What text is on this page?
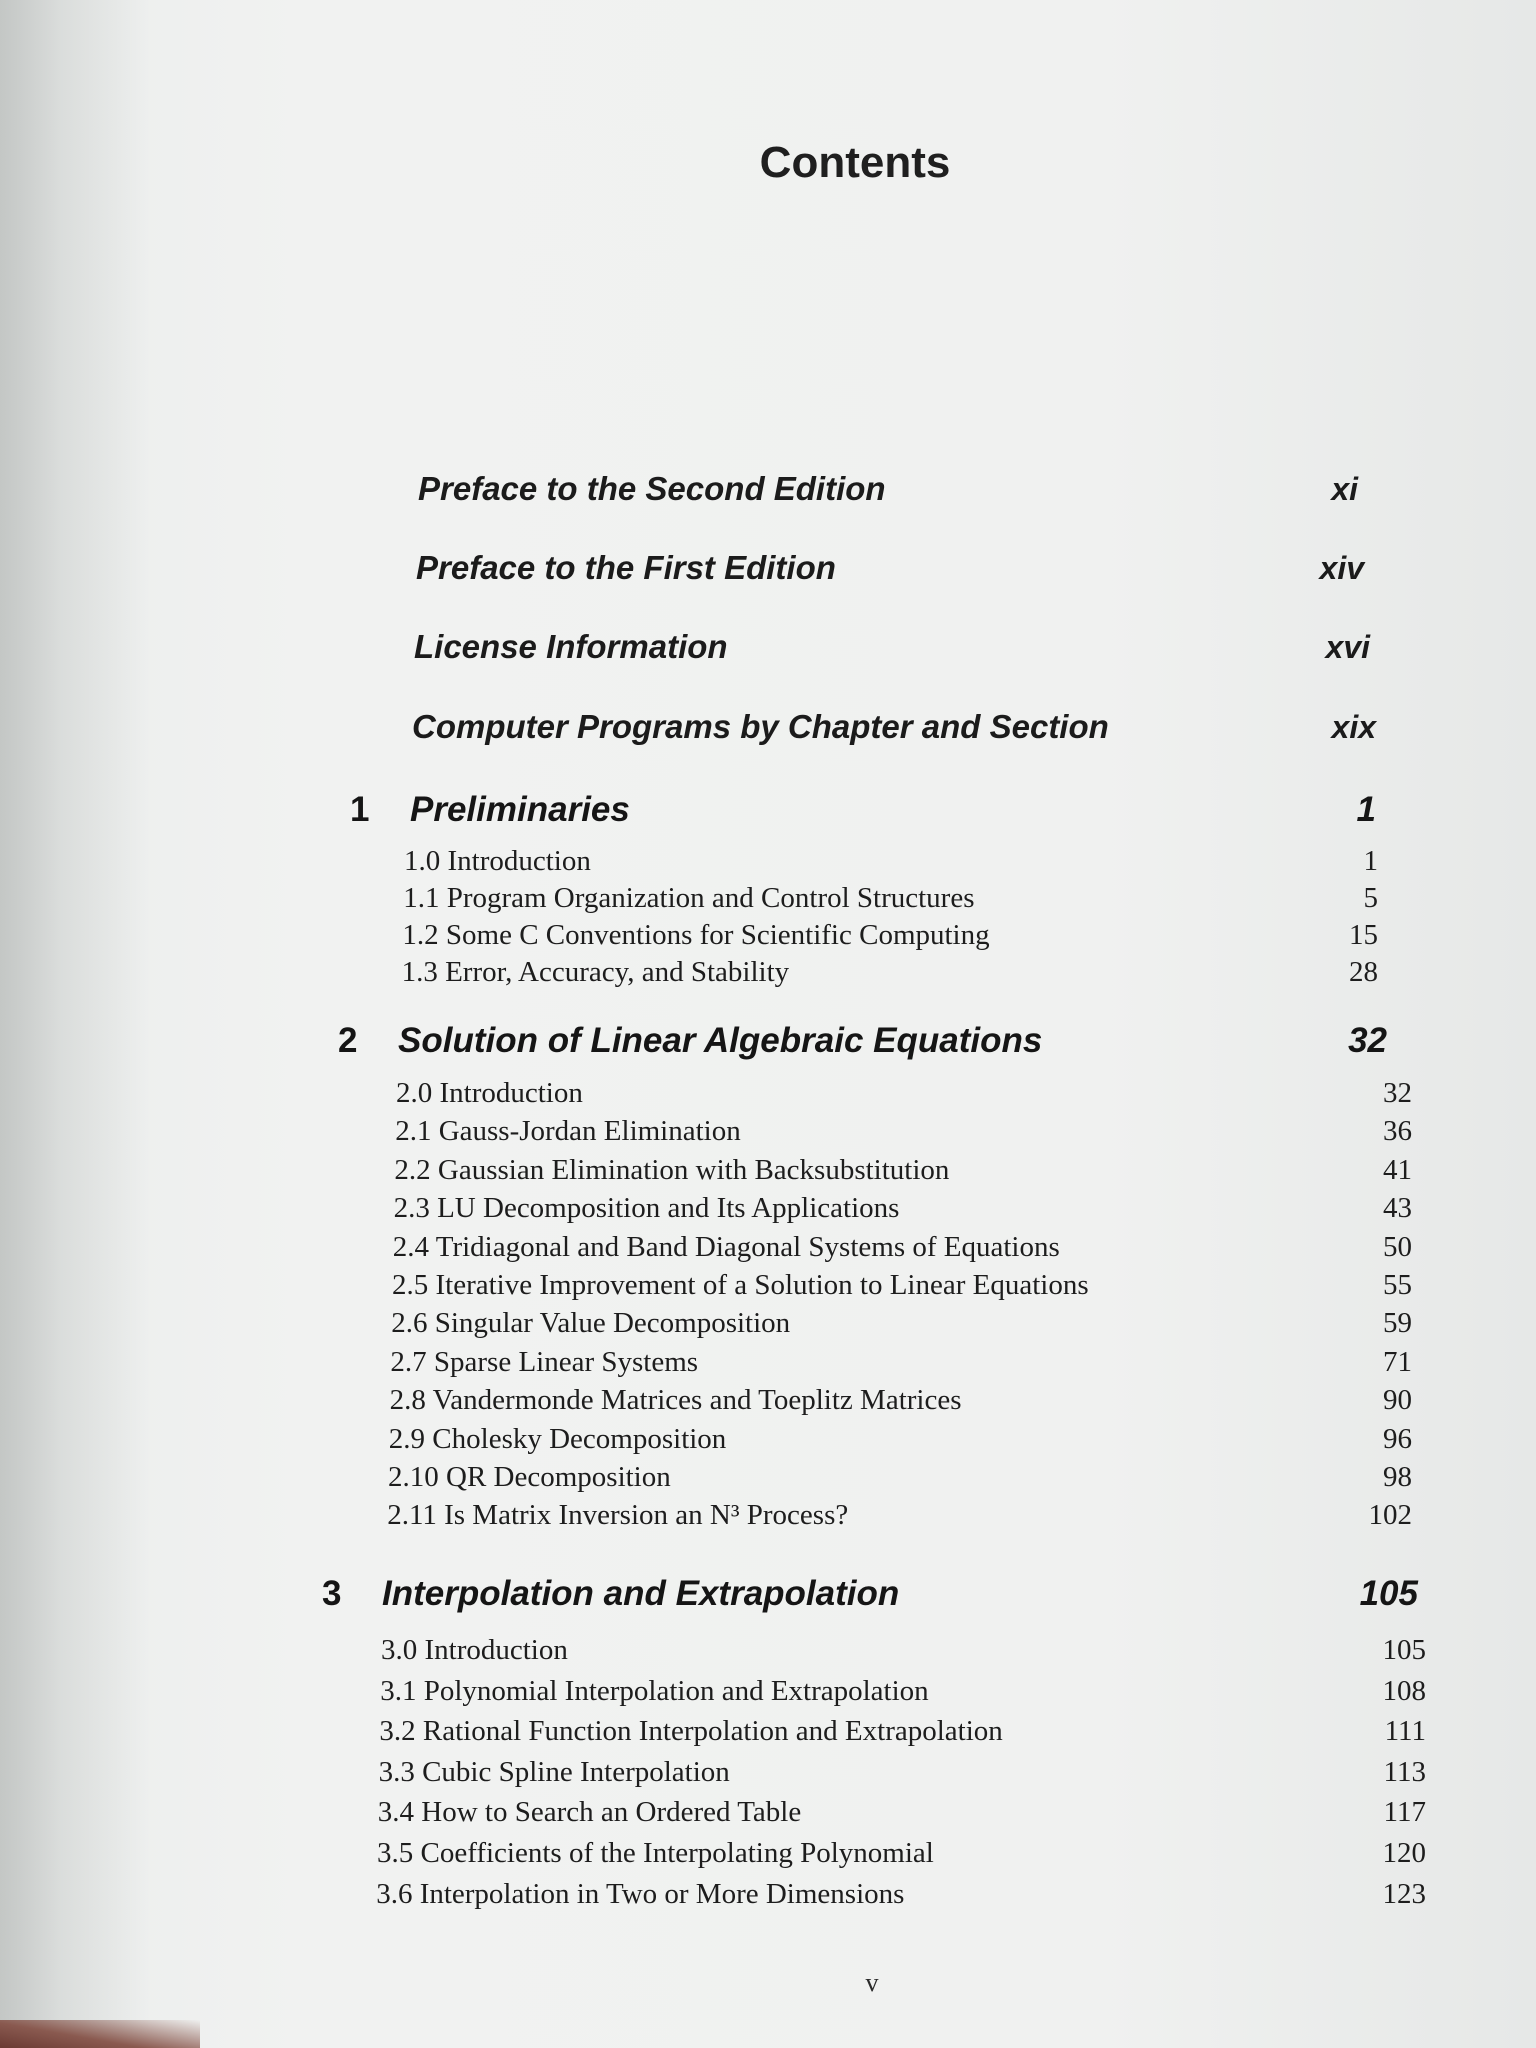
Contents
Preface to the Second Edition	xi
Preface to the First Edition	xiv
License Information	xvi
Computer Programs by Chapter and Section	xix
1	Preliminaries	1
1.0 Introduction	1
1.1 Program Organization and Control Structures	5
1.2 Some C Conventions for Scientific Computing	15
1.3 Error, Accuracy, and Stability	28
2	Solution of Linear Algebraic Equations	32
2.0 Introduction	32
2.1 Gauss-Jordan Elimination	36
2.2 Gaussian Elimination with Backsubstitution	41
2.3 LU Decomposition and Its Applications	43
2.4 Tridiagonal and Band Diagonal Systems of Equations	50
2.5 Iterative Improvement of a Solution to Linear Equations	55
2.6 Singular Value Decomposition	59
2.7 Sparse Linear Systems	71
2.8 Vandermonde Matrices and Toeplitz Matrices	90
2.9 Cholesky Decomposition	96
2.10 QR Decomposition	98
2.11 Is Matrix Inversion an N³ Process?	102
3	Interpolation and Extrapolation	105
3.0 Introduction	105
3.1 Polynomial Interpolation and Extrapolation	108
3.2 Rational Function Interpolation and Extrapolation	111
3.3 Cubic Spline Interpolation	113
3.4 How to Search an Ordered Table	117
3.5 Coefficients of the Interpolating Polynomial	120
3.6 Interpolation in Two or More Dimensions	123
v
